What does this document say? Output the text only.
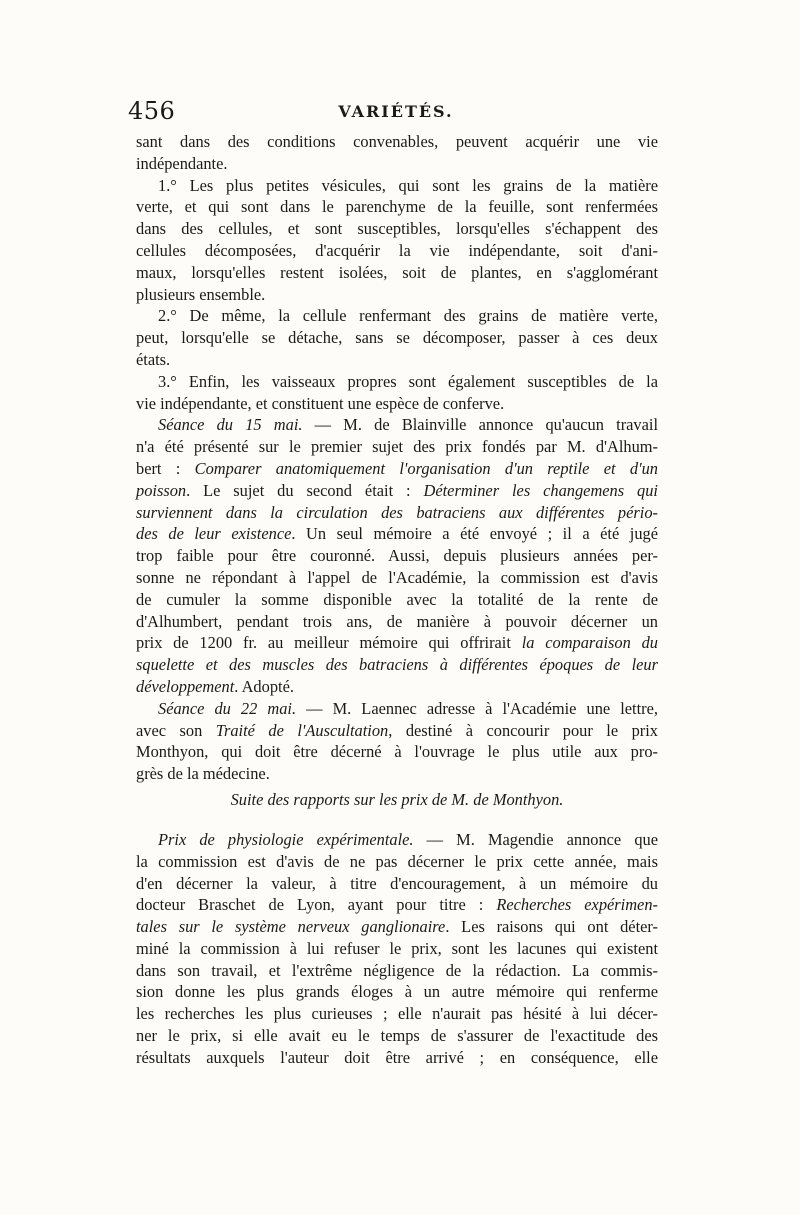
456	VARIÉTÉS.
sant dans des conditions convenables, peuvent acquérir une vie
indépendante.
1.° Les plus petites vésicules, qui sont les grains de la matière
verte, et qui sont dans le parenchyme de la feuille, sont renfermées
dans des cellules, et sont susceptibles, lorsqu'elles s'échappent des
cellules décomposées, d'acquérir la vie indépendante, soit d'ani-
maux, lorsqu'elles restent isolées, soit de plantes, en s'agglomérant
plusieurs ensemble.
2.° De même, la cellule renfermant des grains de matière verte,
peut, lorsqu'elle se détache, sans se décomposer, passer à ces deux
états.
3.° Enfin, les vaisseaux propres sont également susceptibles de la
vie indépendante, et constituent une espèce de conferve.
Séance du 15 mai. — M. de Blainville annonce qu'aucun travail
n'a été présenté sur le premier sujet des prix fondés par M. d'Alhum-
bert : Comparer anatomiquement l'organisation d'un reptile et d'un
poisson. Le sujet du second était : Déterminer les changemens qui
surviennent dans la circulation des batraciens aux différentes pério-
des de leur existence. Un seul mémoire a été envoyé ; il a été jugé
trop faible pour être couronné. Aussi, depuis plusieurs années per-
sonne ne répondant à l'appel de l'Académie, la commission est d'avis
de cumuler la somme disponible avec la totalité de la rente de
d'Alhumbert, pendant trois ans, de manière à pouvoir décerner un
prix de 1200 fr. au meilleur mémoire qui offrirait la comparaison du
squelette et des muscles des batraciens à différentes époques de leur
développement. Adopté.
Séance du 22 mai. — M. Laennec adresse à l'Académie une lettre,
avec son Traité de l'Auscultation, destiné à concourir pour le prix
Monthyon, qui doit être décerné à l'ouvrage le plus utile aux pro-
grès de la médecine.
Suite des rapports sur les prix de M. de Monthyon.
Prix de physiologie expérimentale. — M. Magendie annonce que
la commission est d'avis de ne pas décerner le prix cette année, mais
d'en décerner la valeur, à titre d'encouragement, à un mémoire du
docteur Braschet de Lyon, ayant pour titre : Recherches expérimen-
tales sur le système nerveux ganglionaire. Les raisons qui ont déter-
miné la commission à lui refuser le prix, sont les lacunes qui existent
dans son travail, et l'extrême négligence de la rédaction. La commis-
sion donne les plus grands éloges à un autre mémoire qui renferme
les recherches les plus curieuses ; elle n'aurait pas hésité à lui décer-
ner le prix, si elle avait eu le temps de s'assurer de l'exactitude des
résultats auxquels l'auteur doit être arrivé ; en conséquence, elle
